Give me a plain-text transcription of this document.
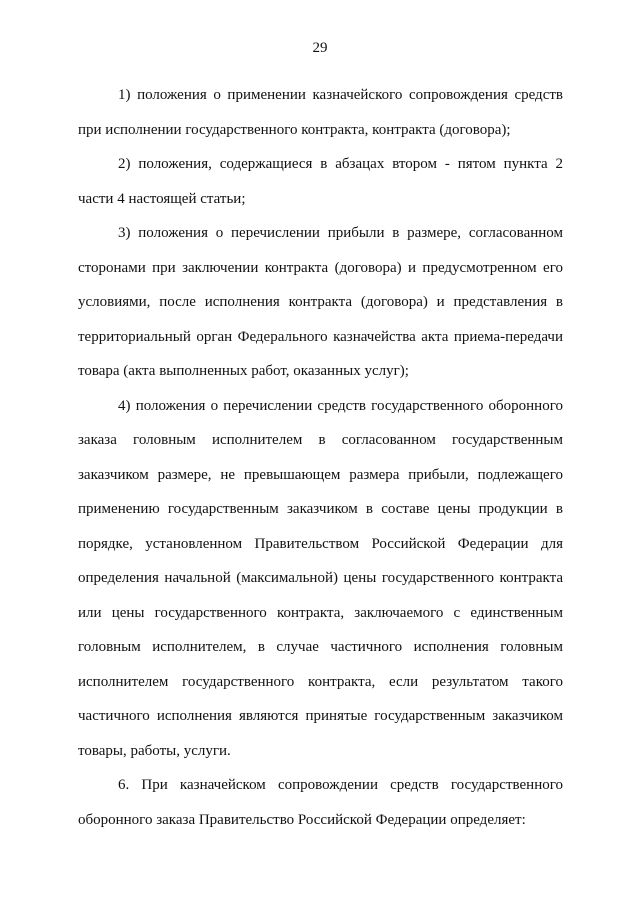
29

1) положения о применении казначейского сопровождения средств при исполнении государственного контракта, контракта (договора);

2) положения, содержащиеся в абзацах втором - пятом пункта 2 части 4 настоящей статьи;

3) положения о перечислении прибыли в размере, согласованном сторонами при заключении контракта (договора) и предусмотренном его условиями, после исполнения контракта (договора) и представления в территориальный орган Федерального казначейства акта приема-передачи товара (акта выполненных работ, оказанных услуг);

4) положения о перечислении средств государственного оборонного заказа головным исполнителем в согласованном государственным заказчиком размере, не превышающем размера прибыли, подлежащего применению государственным заказчиком в составе цены продукции в порядке, установленном Правительством Российской Федерации для определения начальной (максимальной) цены государственного контракта или цены государственного контракта, заключаемого с единственным головным исполнителем, в случае частичного исполнения головным исполнителем государственного контракта, если результатом такого частичного исполнения являются принятые государственным заказчиком товары, работы, услуги.

6. При казначейском сопровождении средств государственного оборонного заказа Правительство Российской Федерации определяет:
